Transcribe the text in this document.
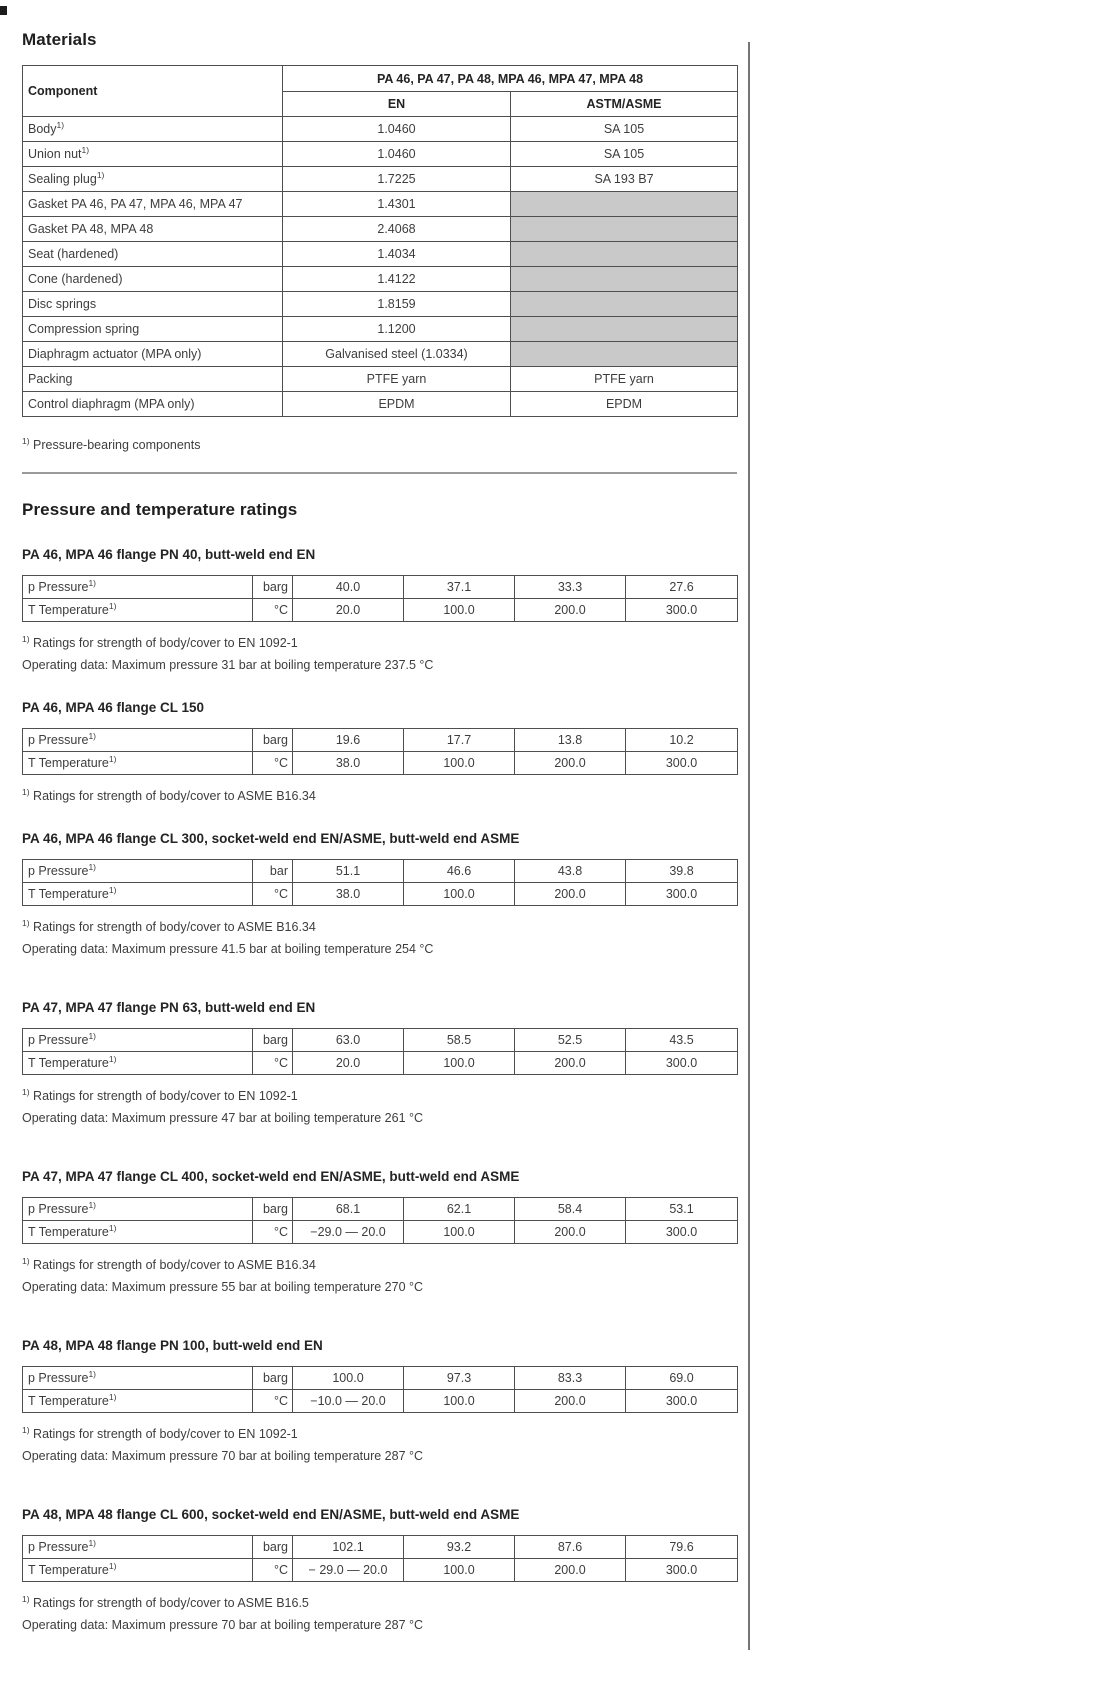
Materials
Component	PA 46, PA 47, PA 48, MPA 46, MPA 47, MPA 48	
	EN	ASTM/ASME
Body$^{1)}$	1.0460	SA 105
Union nut$^{1)}$	1.0460	SA 105
Sealing plug$^{1)}$	1.7225	SA 193 B7
Gasket PA 46, PA 47, MPA 46, MPA 47	1.4301	
Gasket PA 48, MPA 48	2.4068	
Seat (hardened)	1.4034	
Cone (hardened)	1.4122	
Disc springs	1.8159	
Compression spring	1.1200	
Diaphragm actuator (MPA only)	Galvanised steel (1.0334)	
Packing	PTFE yarn	PTFE yarn
Control diaphragm (MPA only)	EPDM	EPDM

$^{1)}$ Pressure-bearing components

Pressure and temperature ratings
PA 46, MPA 46 flange PN 40, butt-weld end EN
p Pressure$^{1)}$	barg	40.0	37.1	33.3	27.6
T Temperature$^{1)}$	°C	20.0	100.0	200.0	300.0

$^{1)}$ Ratings for strength of body/cover to EN 1092-1

Operating data: Maximum pressure 31 bar at boiling temperature 237.5 °C

PA 46, MPA 46 flange CL 150
p Pressure$^{1)}$	barg	19.6	17.7	13.8	10.2
T Temperature$^{1)}$	°C	38.0	100.0	200.0	300.0

$^{1)}$ Ratings for strength of body/cover to ASME B16.34

PA 46, MPA 46 flange CL 300, socket-weld end EN/ASME, butt-weld end ASME
p Pressure$^{1)}$	bar	51.1	46.6	43.8	39.8
T Temperature$^{1)}$	°C	38.0	100.0	200.0	300.0

$^{1)}$ Ratings for strength of body/cover to ASME B16.34

Operating data: Maximum pressure 41.5 bar at boiling temperature 254 °C

PA 47, MPA 47 flange PN 63, butt-weld end EN
p Pressure$^{1)}$	barg	63.0	58.5	52.5	43.5
T Temperature$^{1)}$	°C	20.0	100.0	200.0	300.0

$^{1)}$ Ratings for strength of body/cover to EN 1092-1

Operating data: Maximum pressure 47 bar at boiling temperature 261 °C

PA 47, MPA 47 flange CL 400, socket-weld end EN/ASME, butt-weld end ASME
p Pressure$^{1)}$	barg	68.1	62.1	58.4	53.1
T Temperature$^{1)}$	°C	−29.0 — 20.0	100.0	200.0	300.0

$^{1)}$ Ratings for strength of body/cover to ASME B16.34

Operating data: Maximum pressure 55 bar at boiling temperature 270 °C

PA 48, MPA 48 flange PN 100, butt-weld end EN
p Pressure$^{1)}$	barg	100.0	97.3	83.3	69.0
T Temperature$^{1)}$	°C	−10.0 — 20.0	100.0	200.0	300.0

$^{1)}$ Ratings for strength of body/cover to EN 1092-1

Operating data: Maximum pressure 70 bar at boiling temperature 287 °C

PA 48, MPA 48 flange CL 600, socket-weld end EN/ASME, butt-weld end ASME
p Pressure$^{1)}$	barg	102.1	93.2	87.6	79.6
T Temperature$^{1)}$	°C	− 29.0 — 20.0	100.0	200.0	300.0

$^{1)}$ Ratings for strength of body/cover to ASME B16.5

Operating data: Maximum pressure 70 bar at boiling temperature 287 °C
